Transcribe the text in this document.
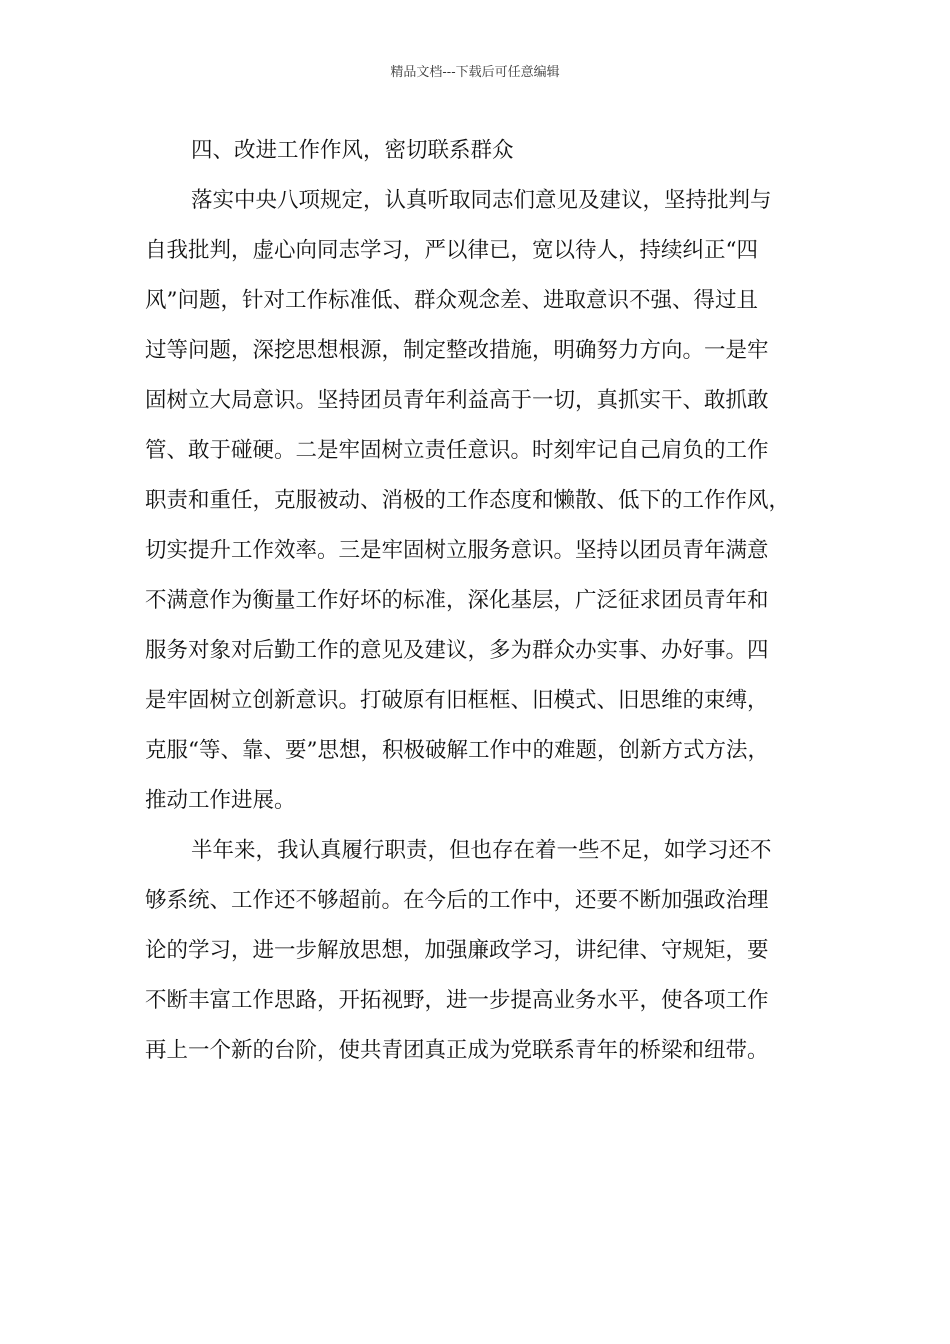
精品文档---下载后可任意编辑
四、改进工作作风，密切联系群众
落实中央八项规定，认真听取同志们意见及建议，坚持批判与
自我批判，虚心向同志学习，严以律已，宽以待人，持续纠正“四
风”问题，针对工作标准低、群众观念差、进取意识不强、得过且
过等问题，深挖思想根源，制定整改措施，明确努力方向。一是牢
固树立大局意识。坚持团员青年利益高于一切，真抓实干、敢抓敢
管、敢于碰硬。二是牢固树立责任意识。时刻牢记自己肩负的工作
职责和重任，克服被动、消极的工作态度和懒散、低下的工作作风，
切实提升工作效率。三是牢固树立服务意识。坚持以团员青年满意
不满意作为衡量工作好坏的标准，深化基层，广泛征求团员青年和
服务对象对后勤工作的意见及建议，多为群众办实事、办好事。四
是牢固树立创新意识。打破原有旧框框、旧模式、旧思维的束缚，
克服“等、靠、要”思想，积极破解工作中的难题，创新方式方法，
推动工作进展。
半年来，我认真履行职责，但也存在着一些不足，如学习还不
够系统、工作还不够超前。在今后的工作中，还要不断加强政治理
论的学习，进一步解放思想，加强廉政学习，讲纪律、守规矩，要
不断丰富工作思路，开拓视野，进一步提高业务水平，使各项工作
再上一个新的台阶，使共青团真正成为党联系青年的桥梁和纽带。
